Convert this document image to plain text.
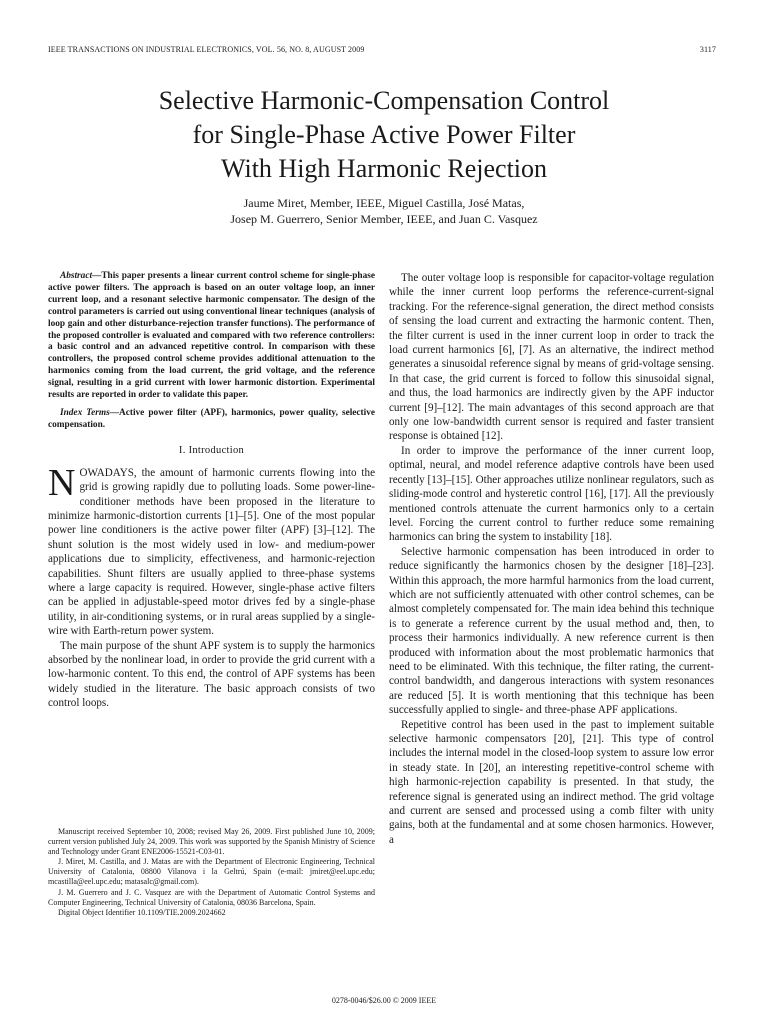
IEEE TRANSACTIONS ON INDUSTRIAL ELECTRONICS, VOL. 56, NO. 8, AUGUST 2009	3117
Selective Harmonic-Compensation Control
for Single-Phase Active Power Filter
With High Harmonic Rejection
Jaume Miret, Member, IEEE, Miguel Castilla, José Matas,
Josep M. Guerrero, Senior Member, IEEE, and Juan C. Vasquez

Abstract—This paper presents a linear current control scheme for single-phase active power filters. The approach is based on an outer voltage loop, an inner current loop, and a resonant selective harmonic compensator. The design of the control parameters is carried out using conventional linear techniques (analysis of loop gain and other disturbance-rejection transfer functions). The performance of the proposed controller is evaluated and compared with two reference controllers: a basic control and an advanced repetitive control. In comparison with these controllers, the proposed control scheme provides additional attenuation to the harmonics coming from the load current, the grid voltage, and the reference signal, resulting in a grid current with lower harmonic distortion. Experimental results are reported in order to validate this paper.

Index Terms—Active power filter (APF), harmonics, power quality, selective compensation.

I. Introduction
N OWADAYS, the amount of harmonic currents flowing into the grid is growing rapidly due to polluting loads. Some power-line-conditioner methods have been proposed in the literature to minimize harmonic-distortion currents [1]–[5]. One of the most popular power line conditioners is the active power filter (APF) [3]–[12]. The shunt solution is the most widely used in low- and medium-power applications due to simplicity, effectiveness, and harmonic-rejection capabilities. Shunt filters are usually applied to three-phase systems where a large capacity is required. However, single-phase active filters can be applied in adjustable-speed motor drives fed by a single-phase utility, in air-conditioning systems, or in rural areas supplied by a single-wire with Earth-return power system.

The main purpose of the shunt APF system is to supply the harmonics absorbed by the nonlinear load, in order to provide the grid current with a low-harmonic content. To this end, the control of APF systems has been widely studied in the literature. The basic approach consists of two control loops.

Manuscript received September 10, 2008; revised May 26, 2009. First published June 10, 2009; current version published July 24, 2009. This work was supported by the Spanish Ministry of Science and Technology under Grant ENE2006-15521-C03-01.

J. Miret, M. Castilla, and J. Matas are with the Department of Electronic Engineering, Technical University of Catalonia, 08800 Vilanova i la Geltrú, Spain (e-mail: jmiret@eel.upc.edu; mcastilla@eel.upc.edu; matasalc@gmail.com).

J. M. Guerrero and J. C. Vasquez are with the Department of Automatic Control Systems and Computer Engineering, Technical University of Catalonia, 08036 Barcelona, Spain.

Digital Object Identifier 10.1109/TIE.2009.2024662

The outer voltage loop is responsible for capacitor-voltage regulation while the inner current loop performs the reference-current-signal tracking. For the reference-signal generation, the direct method consists of sensing the load current and extracting the harmonic content. Then, the filter current is used in the inner current loop in order to track the load current harmonics [6], [7]. As an alternative, the indirect method generates a sinusoidal reference signal by means of grid-voltage sensing. In that case, the grid current is forced to follow this sinusoidal signal, and thus, the load harmonics are indirectly given by the APF inductor current [9]–[12]. The main advantages of this second approach are that only one low-bandwidth current sensor is required and faster transient response is obtained [12].

In order to improve the performance of the inner current loop, optimal, neural, and model reference adaptive controls have been used recently [13]–[15]. Other approaches utilize nonlinear regulators, such as sliding-mode control and hysteretic control [16], [17]. All the previously mentioned controls attenuate the current harmonics only to a certain level. Forcing the current control to further reduce some remaining harmonics can bring the system to instability [18].

Selective harmonic compensation has been introduced in order to reduce significantly the harmonics chosen by the designer [18]–[23]. Within this approach, the more harmful harmonics from the load current, which are not sufficiently attenuated with other control schemes, can be almost completely compensated for. The main idea behind this technique is to generate a reference current by the usual method and, then, to process their harmonics individually. A new reference current is then produced with information about the most problematic harmonics that need to be eliminated. With this technique, the filter rating, the current-control bandwidth, and dangerous interactions with system resonances are reduced [5]. It is worth mentioning that this technique has been successfully applied to single- and three-phase APF applications.

Repetitive control has been used in the past to implement suitable selective harmonic compensators [20], [21]. This type of control includes the internal model in the closed-loop system to assure low error in steady state. In [20], an interesting repetitive-control scheme with high harmonic-rejection capability is presented. In that study, the reference signal is generated using an indirect method. The grid voltage and current are sensed and processed using a comb filter with unity gains, both at the fundamental and at some chosen harmonics. However, a

0278-0046/$26.00 © 2009 IEEE
